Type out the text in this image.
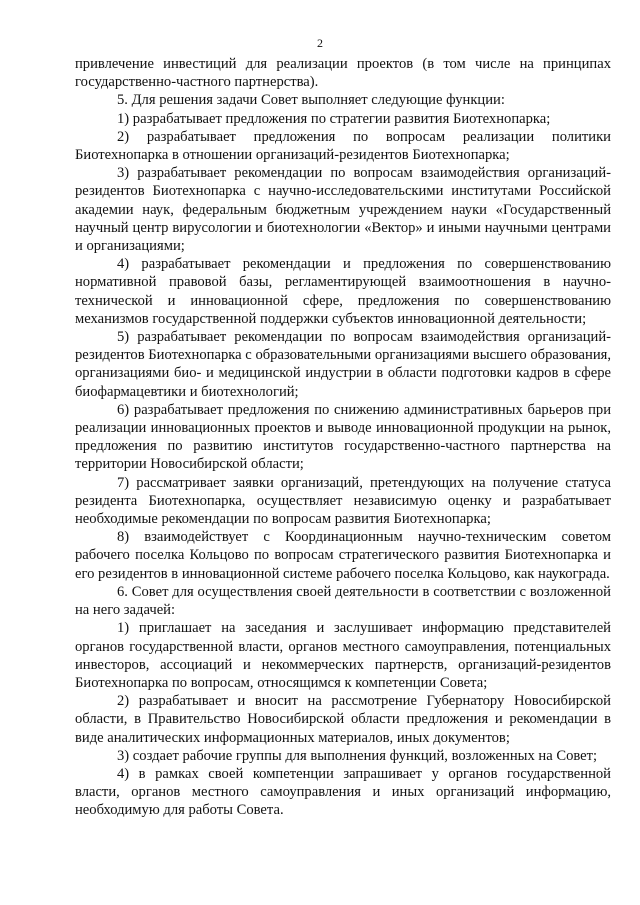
2

привлечение инвестиций для реализации проектов (в том числе на принципах государственно-частного партнерства).

5. Для решения задачи Совет выполняет следующие функции:

1) разрабатывает предложения по стратегии развития Биотехнопарка;

2) разрабатывает предложения по вопросам реализации политики Биотехнопарка в отношении организаций-резидентов Биотехнопарка;

3) разрабатывает рекомендации по вопросам взаимодействия организаций-резидентов Биотехнопарка с научно-исследовательскими институтами Российской академии наук, федеральным бюджетным учреждением науки «Государственный научный центр вирусологии и биотехнологии «Вектор» и иными научными центрами и организациями;

4) разрабатывает рекомендации и предложения по совершенствованию нормативной правовой базы, регламентирующей взаимоотношения в научно-технической и инновационной сфере, предложения по совершенствованию механизмов государственной поддержки субъектов инновационной деятельности;

5) разрабатывает рекомендации по вопросам взаимодействия организаций-резидентов Биотехнопарка с образовательными организациями высшего образования, организациями био- и медицинской индустрии в области подготовки кадров в сфере биофармацевтики и биотехнологий;

6) разрабатывает предложения по снижению административных барьеров при реализации инновационных проектов и выводе инновационной продукции на рынок, предложения по развитию институтов государственно-частного партнерства на территории Новосибирской области;

7) рассматривает заявки организаций, претендующих на получение статуса резидента Биотехнопарка, осуществляет независимую оценку и разрабатывает необходимые рекомендации по вопросам развития Биотехнопарка;

8) взаимодействует с Координационным научно-техническим советом рабочего поселка Кольцово по вопросам стратегического развития Биотехнопарка и его резидентов в инновационной системе рабочего поселка Кольцово, как наукограда.

6. Совет для осуществления своей деятельности в соответствии с возложенной на него задачей:

1) приглашает на заседания и заслушивает информацию представителей органов государственной власти, органов местного самоуправления, потенциальных инвесторов, ассоциаций и некоммерческих партнерств, организаций-резидентов Биотехнопарка по вопросам, относящимся к компетенции Совета;

2) разрабатывает и вносит на рассмотрение Губернатору Новосибирской области, в Правительство Новосибирской области предложения и рекомендации в виде аналитических информационных материалов, иных документов;

3) создает рабочие группы для выполнения функций, возложенных на Совет;

4) в рамках своей компетенции запрашивает у органов государственной власти, органов местного самоуправления и иных организаций информацию, необходимую для работы Совета.
